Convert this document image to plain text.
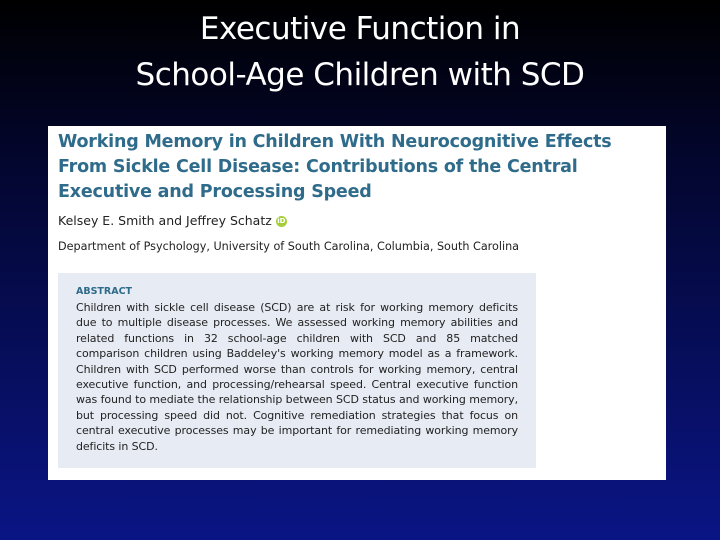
Executive Function in
School-Age Children with SCD
Working Memory in Children With Neurocognitive Effects From Sickle Cell Disease: Contributions of the Central Executive and Processing Speed
Kelsey E. Smith and Jeffrey Schatz iD
Department of Psychology, University of South Carolina, Columbia, South Carolina
ABSTRACT
Children with sickle cell disease (SCD) are at risk for working memory deficits due to multiple disease processes. We assessed working memory abilities and related functions in 32 school-age children with SCD and 85 matched comparison children using Baddeley's working memory model as a framework. Children with SCD performed worse than controls for working memory, central executive function, and processing/rehearsal speed. Central executive function was found to mediate the relationship between SCD status and working memory, but processing speed did not. Cognitive remediation strategies that focus on central executive processes may be important for remediating working memory deficits in SCD.
